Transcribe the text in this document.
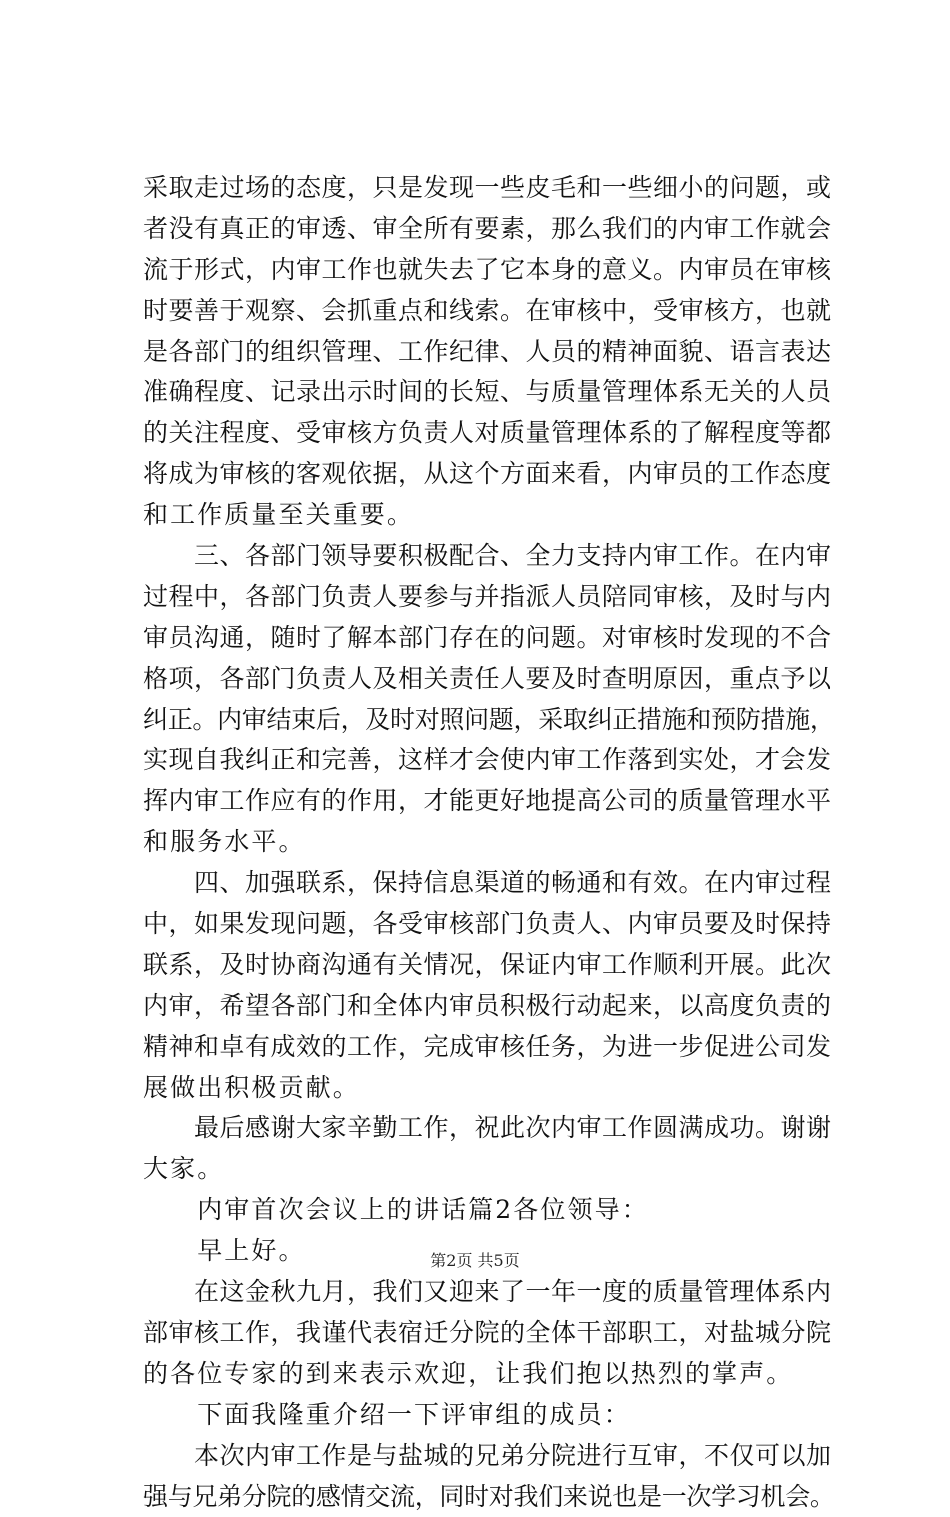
采取走过场的态度，只是发现一些皮毛和一些细小的问题，或
者没有真正的审透、审全所有要素，那么我们的内审工作就会
流于形式，内审工作也就失去了它本身的意义。内审员在审核
时要善于观察、会抓重点和线索。在审核中，受审核方，也就
是各部门的组织管理、工作纪律、人员的精神面貌、语言表达
准确程度、记录出示时间的长短、与质量管理体系无关的人员
的关注程度、受审核方负责人对质量管理体系的了解程度等都
将成为审核的客观依据，从这个方面来看，内审员的工作态度
和工作质量至关重要。
　　三、各部门领导要积极配合、全力支持内审工作。在内审
过程中，各部门负责人要参与并指派人员陪同审核，及时与内
审员沟通，随时了解本部门存在的问题。对审核时发现的不合
格项，各部门负责人及相关责任人要及时查明原因，重点予以
纠正。内审结束后，及时对照问题，采取纠正措施和预防措施，
实现自我纠正和完善，这样才会使内审工作落到实处，才会发
挥内审工作应有的作用，才能更好地提高公司的质量管理水平
和服务水平。
　　四、加强联系，保持信息渠道的畅通和有效。在内审过程
中，如果发现问题，各受审核部门负责人、内审员要及时保持
联系，及时协商沟通有关情况，保证内审工作顺利开展。此次
内审，希望各部门和全体内审员积极行动起来，以高度负责的
精神和卓有成效的工作，完成审核任务，为进一步促进公司发
展做出积极贡献。
　　最后感谢大家辛勤工作，祝此次内审工作圆满成功。谢谢
大家。
　　内审首次会议上的讲话篇2各位领导：
　　早上好。
　　在这金秋九月，我们又迎来了一年一度的质量管理体系内
部审核工作，我谨代表宿迁分院的全体干部职工，对盐城分院
的各位专家的到来表示欢迎，让我们抱以热烈的掌声。
　　下面我隆重介绍一下评审组的成员：
　　本次内审工作是与盐城的兄弟分院进行互审，不仅可以加
强与兄弟分院的感情交流，同时对我们来说也是一次学习机会。
第2页 共5页
